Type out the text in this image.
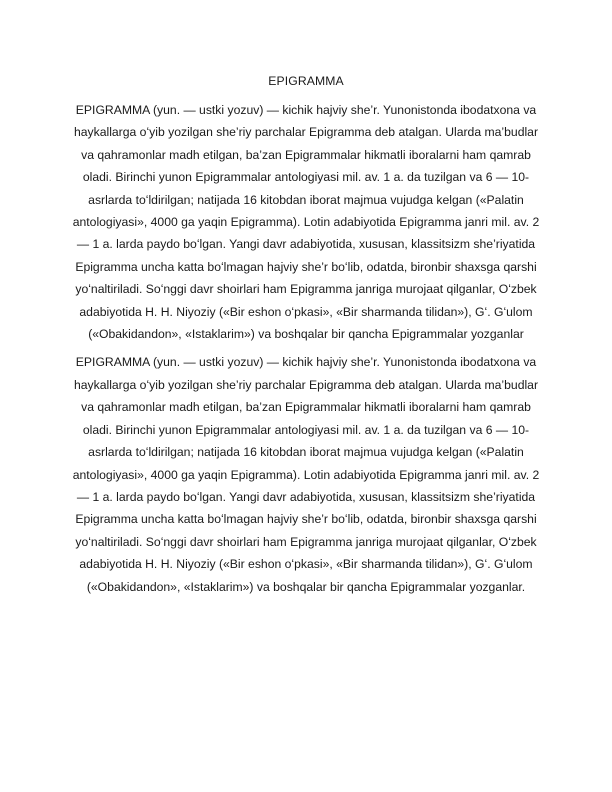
EPIGRAMMA

EPIGRAMMA (yun. — ustki yozuv) — kichik hajviy she’r. Yunonistonda ibodatxona va haykallarga oʻyib yozilgan she’riy parchalar Epigramma deb atalgan. Ularda ma’budlar va qahramonlar madh etilgan, ba’zan Epigrammalar hikmatli iboralarni ham qamrab oladi. Birinchi yunon Epigrammalar antologiyasi mil. av. 1 a. da tuzilgan va 6 — 10-asrlarda toʻldirilgan; natijada 16 kitobdan iborat majmua vujudga kelgan («Palatin antologiyasi», 4000 ga yaqin Epigramma). Lotin adabiyotida Epigramma janri mil. av. 2 — 1 a. larda paydo boʻlgan. Yangi davr adabiyotida, xususan, klassitsizm she’riyatida Epigramma uncha katta boʻlmagan hajviy she’r boʻlib, odatda, bironbir shaxsga qarshi yoʻnaltiriladi. Soʻnggi davr shoirlari ham Epigramma janriga murojaat qilganlar, Oʻzbek adabiyotida H. H. Niyoziy («Bir eshon oʻpkasi», «Bir sharmanda tilidan»), Gʻ. Gʻulom («Obakidandon», «Istaklarim») va boshqalar bir qancha Epigrammalar yozganlar

EPIGRAMMA (yun. — ustki yozuv) — kichik hajviy she’r. Yunonistonda ibodatxona va haykallarga oʻyib yozilgan she’riy parchalar Epigramma deb atalgan. Ularda ma’budlar va qahramonlar madh etilgan, ba’zan Epigrammalar hikmatli iboralarni ham qamrab oladi. Birinchi yunon Epigrammalar antologiyasi mil. av. 1 a. da tuzilgan va 6 — 10-asrlarda toʻldirilgan; natijada 16 kitobdan iborat majmua vujudga kelgan («Palatin antologiyasi», 4000 ga yaqin Epigramma). Lotin adabiyotida Epigramma janri mil. av. 2 — 1 a. larda paydo boʻlgan. Yangi davr adabiyotida, xususan, klassitsizm she’riyatida Epigramma uncha katta boʻlmagan hajviy she’r boʻlib, odatda, bironbir shaxsga qarshi yoʻnaltiriladi. Soʻnggi davr shoirlari ham Epigramma janriga murojaat qilganlar, Oʻzbek adabiyotida H. H. Niyoziy («Bir eshon oʻpkasi», «Bir sharmanda tilidan»), Gʻ. Gʻulom («Obakidandon», «Istaklarim») va boshqalar bir qancha Epigrammalar yozganlar.
